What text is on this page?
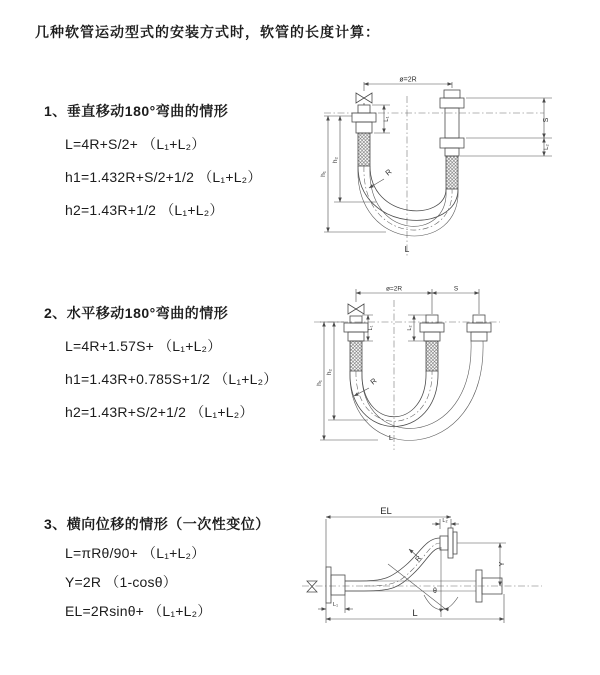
几种软管运动型式的安装方式时，软管的长度计算：
1、垂直移动180°弯曲的情形
L=4R+S/2+ （L₁+L₂）
h1=1.432R+S/2+1/2 （L₁+L₂）
h2=1.43R+1/2 （L₁+L₂）
ø=2R
S
L₂
L₁
h₂
h₁	R
L
2、水平移动180°弯曲的情形
L=4R+1.57S+ （L₁+L₂）
h1=1.43R+0.785S+1/2 （L₁+L₂）
h2=1.43R+S/2+1/2 （L₁+L₂）
ø=2R	S
L₁	L₂
h₂
h₁	R
L
3、横向位移的情形（一次性变位）
L=πRθ/90+ （L₁+L₂）
Y=2R （1-cosθ）
EL=2Rsinθ+ （L₁+L₂）
θ
EL
L₂
Y
R
L₁
L
